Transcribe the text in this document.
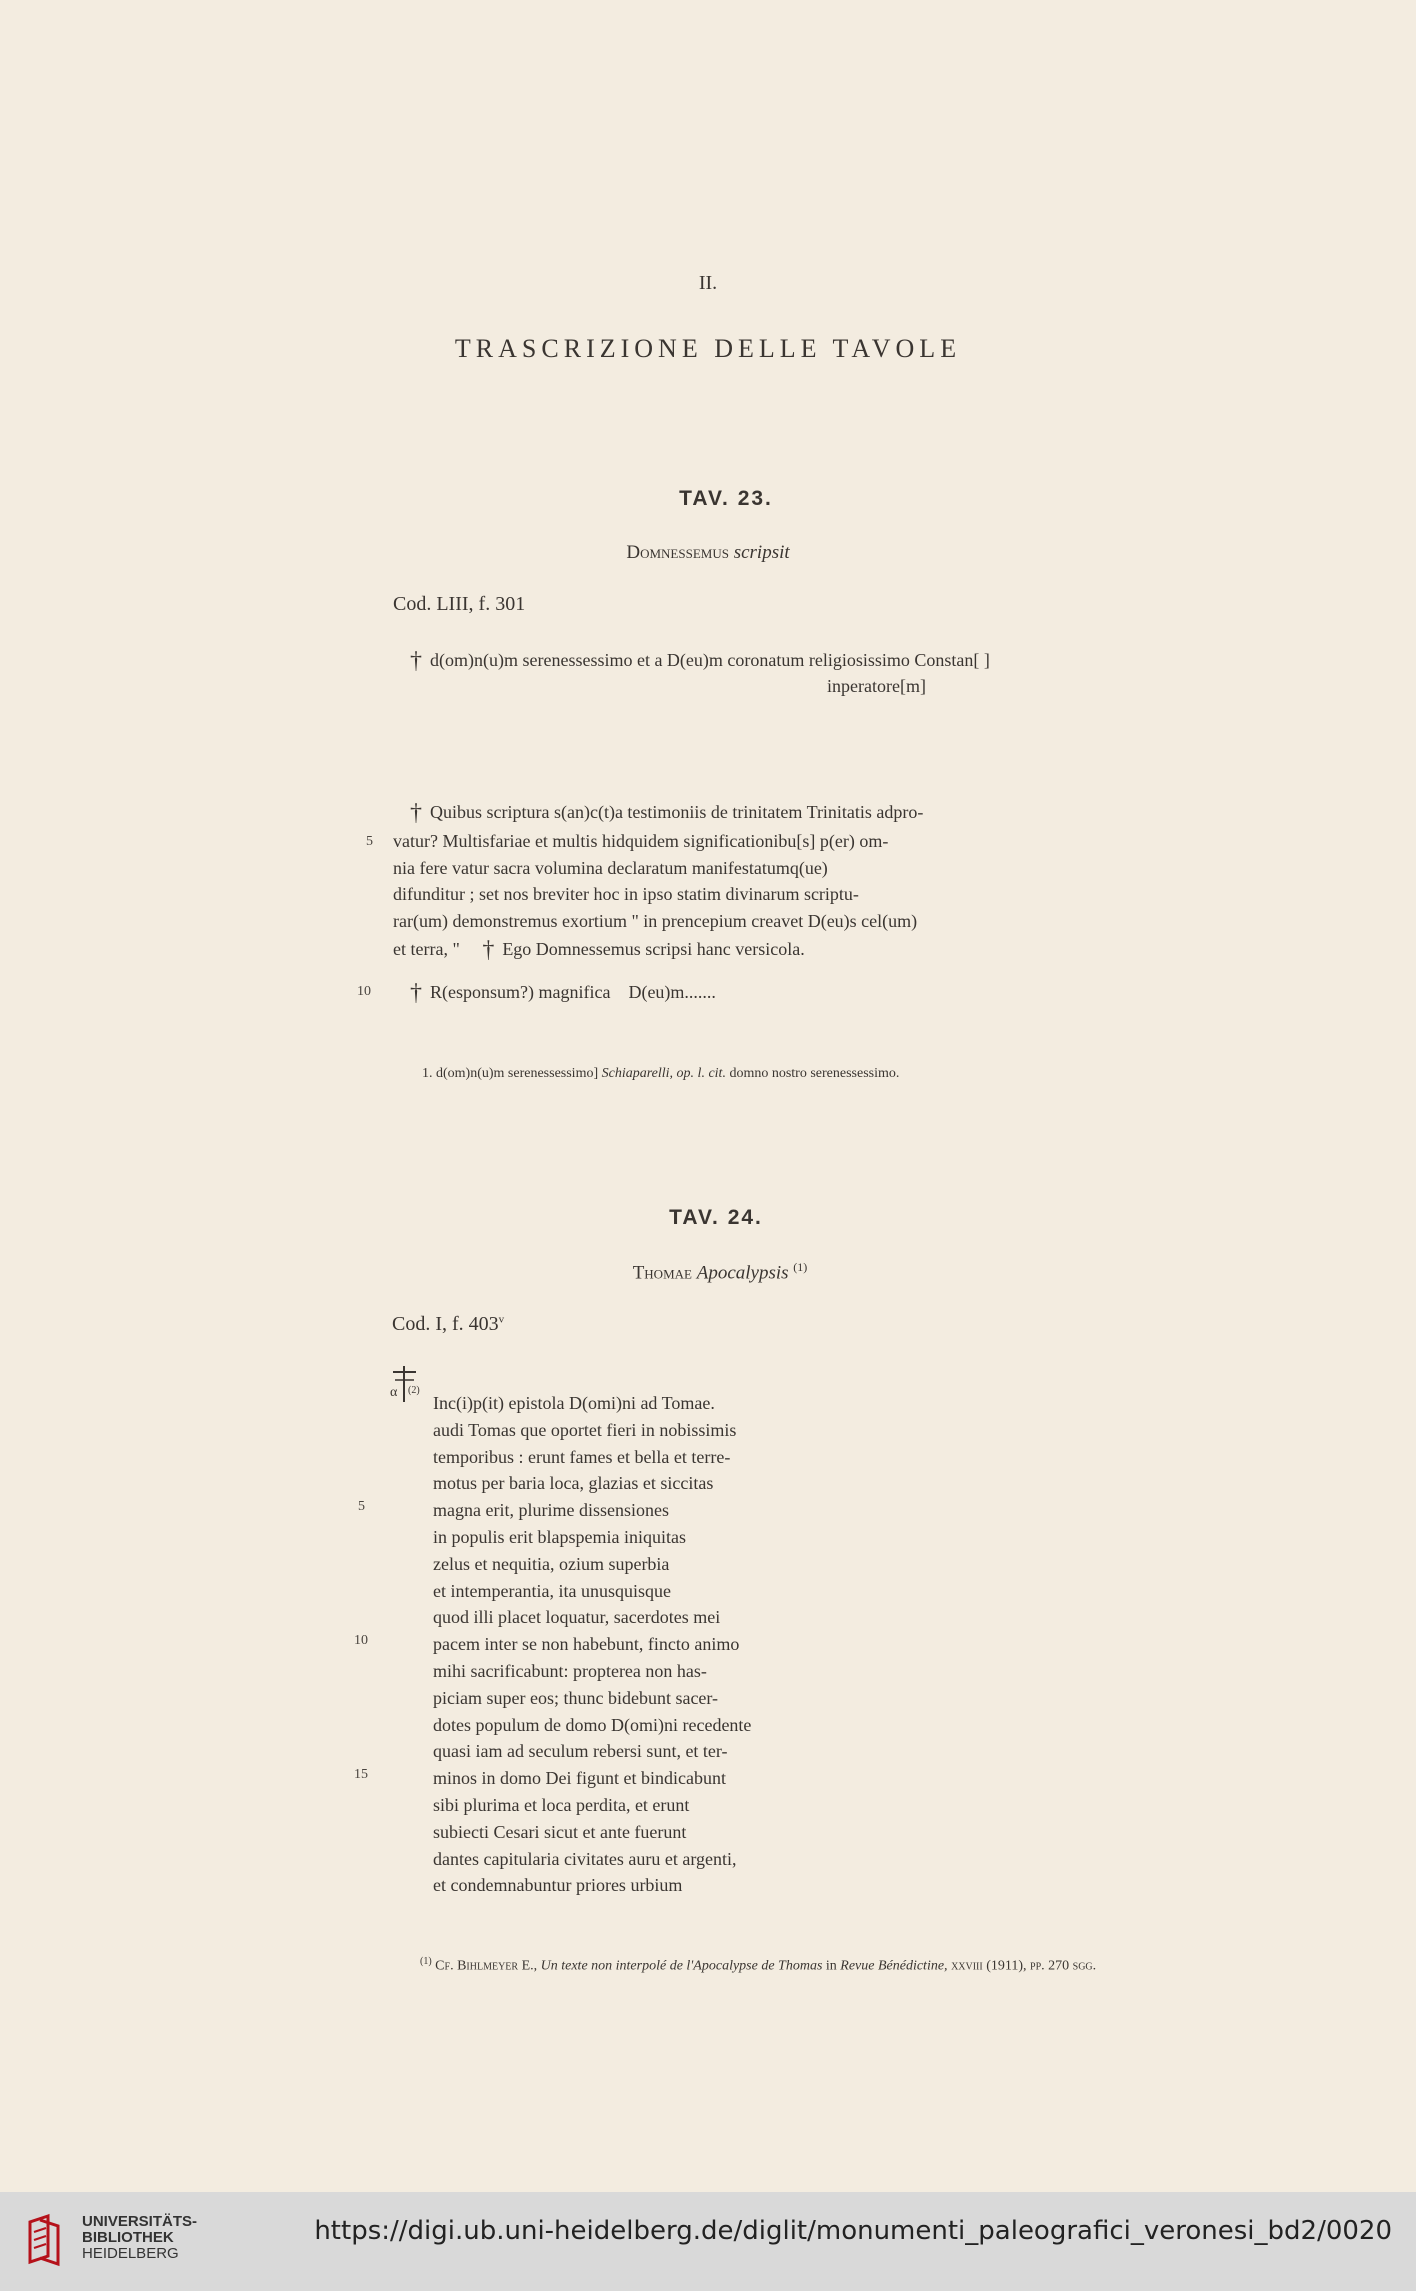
II.
TRASCRIZIONE DELLE TAVOLE
TAV. 23.
Domnessemus scripsit
Cod. LIII, f. 301
† d(om)n(u)m serenessessimo et a D(eu)m coronatum religiosissimo Constan[ ]
inperatore[m]
† Quibus scriptura s(an)c(t)a testimoniis de trinitatem Trinitatis adpro-
5 vatur? Multisfariae et multis hidquidem significationibu[s] p(er) om-
nia fere vatur sacra volumina declaratum manifestatumq(ue)
difunditur ; set nos breviter hoc in ipso statim divinarum scriptu-
rar(um) demonstremus exortium " in prencepium creavet D(eu)s cel(um)
et terra, " † Ego Domnessemus scripsi hanc versicola.
10 † R(esponsum?) magnifica    D(eu)m.......
1. d(om)n(u)m serenessessimo] Schiaparelli, op. l. cit. domno nostro serenessessimo.
TAV. 24.
Thomae Apocalypsis $^{(1)}$
Cod. I, f. 403$^v$
α (2)
Inc(i)p(it) epistola D(omi)ni ad Tomae.
audi Tomas que oportet fieri in nobissimis
temporibus : erunt fames et bella et terre-
motus per baria loca, glazias et siccitas
magna erit, plurime dissensiones
in populis erit blapspemia iniquitas
zelus et nequitia, ozium superbia
et intemperantia, ita unusquisque
quod illi placet loquatur, sacerdotes mei
pacem inter se non habebunt, fincto animo
mihi sacrificabunt: propterea non has-
piciam super eos; thunc bidebunt sacer-
dotes populum de domo D(omi)ni recedente
quasi iam ad seculum rebersi sunt, et ter-
minos in domo Dei figunt et bindicabunt
sibi plurima et loca perdita, et erunt
subiecti Cesari sicut et ante fuerunt
dantes capitularia civitates auru et argenti,
et condemnabuntur priores urbium
5
10
15
$^{(1)}$ Cf. Bihlmeyer E., Un texte non interpolé de l'Apocalypse de Thomas in Revue Bénédictine, xxviii (1911), pp. 270 sgg.
UNIVERSITÄTS-
BIBLIOTHEK
HEIDELBERG
https://digi.ub.uni-heidelberg.de/diglit/monumenti_paleografici_veronesi_bd2/0020
